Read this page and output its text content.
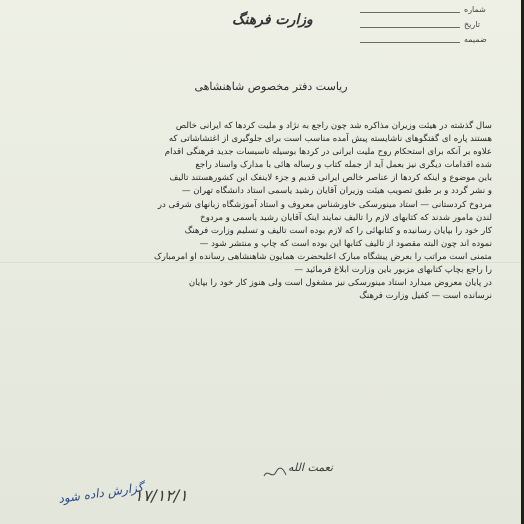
وزارت فرهنگ
شماره
تاریخ
ضمیمه
ریاست دفتر مخصوص شاهنشاهی

سال گذشته در هیئت وزیران مذاکره شد چون راجع به نژاد و ملیت کردها که ایرانی خالص

هستند پاره ای گفتگوهای ناشایسته پیش آمده مناسب است برای جلوگیری از اغتشاشاتی که

علاوه بر آنکه برای استحکام روح ملیت ایرانی در کردها بوسیله تاسیسات جدید فرهنگی اقدام

شده اقدامات دیگری نیز بعمل آید از جمله کتاب و رساله هائی با مدارک واسناد راجع

باین موضوع و اینکه کردها از عناصر خالص ایرانی قدیم و جزء لاینفک این کشورهستند تالیف

و نشر گردد و بر طبق تصویب هیئت وزیران آقایان رشید یاسمی استاد دانشگاه تهران —

مردوخ کردستانی — استاد مینورسکی خاورشناس معروف و استاد آموزشگاه زبانهای شرقی در

لندن مامور شدند که کتابهای لازم را تالیف نمایند اینک آقایان رشید یاسمی و مردوخ

کار خود را بپایان رسانیده و کتابهائی را که لازم بوده است تالیف و تسلیم وزارت فرهنگ

نموده اند چون البته مقصود از تالیف کتابها این بوده است که چاپ و منتشر شود —

متمنی است مراتب را بعرض پیشگاه مبارک اعلیحضرت همایون شاهنشاهی رسانده او امرمبارک

را راجع بچاپ کتابهای مزبور باین وزارت ابلاغ فرمائید —

در پایان معروض میدارد استاد مینورسکی نیز مشغول است ولی هنوز کار خود را بپایان

نرسانده است — کفیل وزارت فرهنگ

نعمت الله
۱۷/۱۲/۱
گزارش داده شود
